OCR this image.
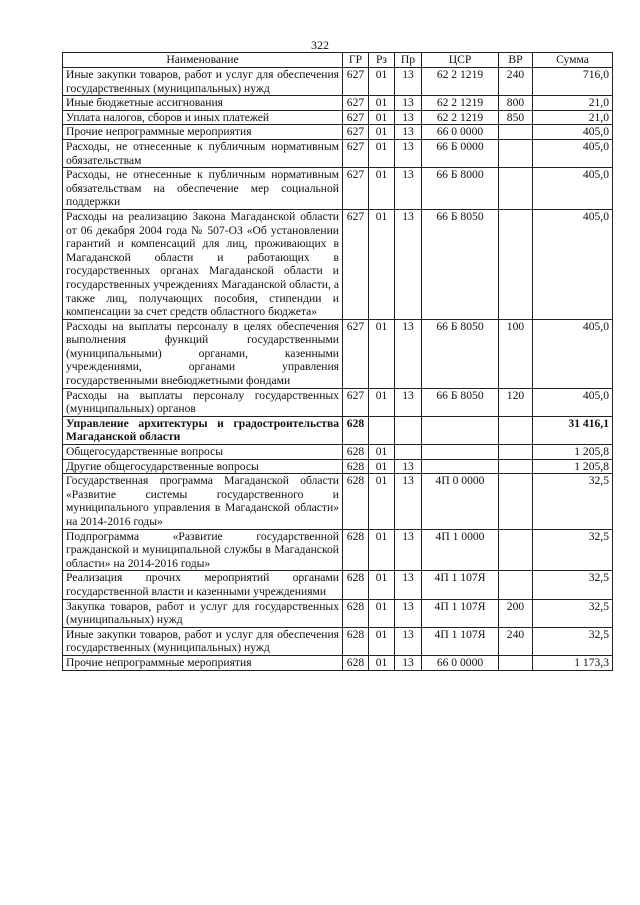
322
Наименование	ГР	Рз	Пр	ЦСР	ВР	Сумма
Иные закупки товаров, работ и услуг для обеспечения государственных (муниципальных) нужд	627	01	13	62 2 1219	240	716,0
Иные бюджетные ассигнования	627	01	13	62 2 1219	800	21,0
Уплата налогов, сборов и иных платежей	627	01	13	62 2 1219	850	21,0
Прочие непрограммные мероприятия	627	01	13	66 0 0000		405,0
Расходы, не отнесенные к публичным нормативным обязательствам	627	01	13	66 Б 0000		405,0
Расходы, не отнесенные к публичным нормативным обязательствам на обеспечение мер социальной поддержки	627	01	13	66 Б 8000		405,0
Расходы на реализацию Закона Магаданской области от 06 декабря 2004 года № 507-ОЗ «Об установлении гарантий и компенсаций для лиц, проживающих в Магаданской области и работающих в государственных органах Магаданской области и государственных учреждениях Магаданской области, а также лиц, получающих пособия, стипендии и компенсации за счет средств областного бюджета»	627	01	13	66 Б 8050		405,0
Расходы на выплаты персоналу в целях обеспечения выполнения функций государственными (муниципальными) органами, казенными учреждениями, органами управления государственными внебюджетными фондами	627	01	13	66 Б 8050	100	405,0
Расходы на выплаты персоналу государственных (муниципальных) органов	627	01	13	66 Б 8050	120	405,0
Управление архитектуры и градостроительства Магаданской области	628					31 416,1
Общегосударственные вопросы	628	01				1 205,8
Другие общегосударственные вопросы	628	01	13			1 205,8
Государственная программа Магаданской области «Развитие системы государственного и муниципального управления в Магаданской области» на 2014-2016 годы»	628	01	13	4П 0 0000		32,5
Подпрограмма «Развитие государственной гражданской и муниципальной службы в Магаданской области» на 2014-2016 годы»	628	01	13	4П 1 0000		32,5
Реализация прочих мероприятий органами государственной власти и казенными учреждениями	628	01	13	4П 1 107Я		32,5
Закупка товаров, работ и услуг для государственных (муниципальных) нужд	628	01	13	4П 1 107Я	200	32,5
Иные закупки товаров, работ и услуг для обеспечения государственных (муниципальных) нужд	628	01	13	4П 1 107Я	240	32,5
Прочие непрограммные мероприятия	628	01	13	66 0 0000		1 173,3
